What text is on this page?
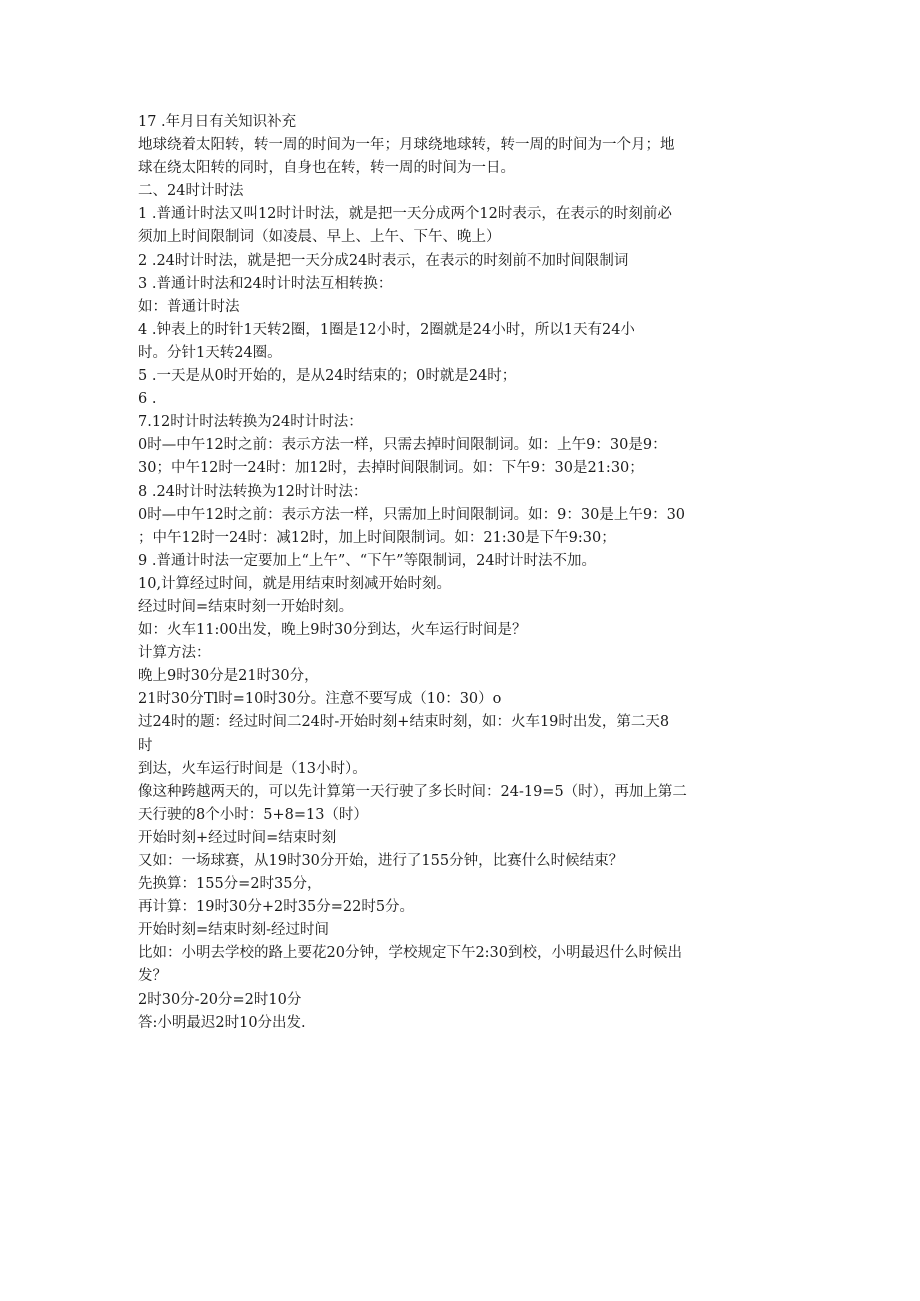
17 .年月日有关知识补充
地球绕着太阳转，转一周的时间为一年；月球绕地球转，转一周的时间为一个月；地
球在绕太阳转的同时，自身也在转，转一周的时间为一日。
二、24时计时法
1 .普通计时法又叫12时计时法，就是把一天分成两个12时表示，在表示的时刻前必
须加上时间限制词（如凌晨、早上、上午、下午、晚上）
2 .24时计时法，就是把一天分成24时表示，在表示的时刻前不加时间限制词
3 .普通计时法和24时计时法互相转换：
如：普通计时法
4 .钟表上的时针1天转2圈，1圈是12小时，2圈就是24小时，所以1天有24小
时。分针1天转24圈。
5 .一天是从0时开始的，是从24时结束的；0时就是24时；
6 .
7.12时计时法转换为24时计时法：
0时—中午12时之前：表示方法一样，只需去掉时间限制词。如：上午9：30是9：
30；中午12时一24时：加12时，去掉时间限制词。如：下午9：30是21:30；
8 .24时计时法转换为12时计时法：
0时—中午12时之前：表示方法一样，只需加上时间限制词。如：9：30是上午9：30
；中午12时一24时：减12时，加上时间限制词。如：21:30是下午9:30；
9 .普通计时法一定要加上“上午”、“下午”等限制词，24时计时法不加。
10,计算经过时间，就是用结束时刻减开始时刻。
经过时间=结束时刻一开始时刻。
如：火车11:00出发，晚上9时30分到达，火车运行时间是？
计算方法：
晚上9时30分是21时30分，
21时30分Tl时=10时30分。注意不要写成（10：30）o
过24时的题：经过时间二24时-开始时刻+结束时刻，如：火车19时出发，第二天8
时
到达，火车运行时间是（13小时）。
像这种跨越两天的，可以先计算第一天行驶了多长时间：24-19=5（时），再加上第二
天行驶的8个小时：5+8=13（时）
开始时刻+经过时间=结束时刻
又如：一场球赛，从19时30分开始，进行了155分钟，比赛什么时候结束？
先换算：155分=2时35分，
再计算：19时30分+2时35分=22时5分。
开始时刻=结束时刻-经过时间
比如：小明去学校的路上要花20分钟，学校规定下午2:30到校，小明最迟什么时候出
发？
2时30分-20分=2时10分
答:小明最迟2时10分出发.
